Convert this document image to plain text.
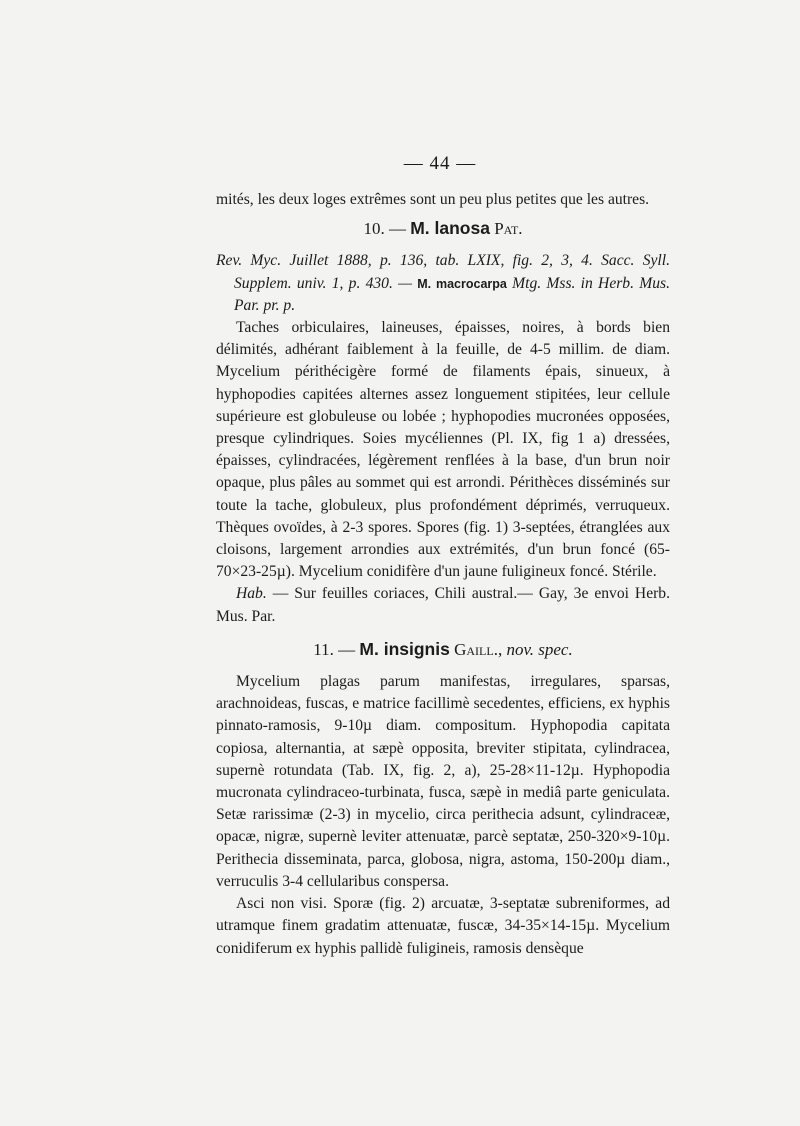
— 44 —

mités, les deux loges extrêmes sont un peu plus petites que les autres.

10. — M. lanosa Pat.

Rev. Myc. Juillet 1888, p. 136, tab. LXIX, fig. 2, 3, 4. Sacc. Syll. Supplem. univ. 1, p. 430. — M. macrocarpa Mtg. Mss. in Herb. Mus. Par. pr. p.

Taches orbiculaires, laineuses, épaisses, noires, à bords bien délimités, adhérant faiblement à la feuille, de 4-5 millim. de diam. Mycelium périthécigère formé de filaments épais, sinueux, à hyphopodies capitées alternes assez longuement stipitées, leur cellule supérieure est globuleuse ou lobée ; hyphopodies mucronées opposées, presque cylindriques. Soies mycéliennes (Pl. IX, fig 1 a) dressées, épaisses, cylindracées, légèrement renflées à la base, d'un brun noir opaque, plus pâles au sommet qui est arrondi. Périthèces disséminés sur toute la tache, globuleux, plus profondément déprimés, verruqueux. Thèques ovoïdes, à 2-3 spores. Spores (fig. 1) 3-septées, étranglées aux cloisons, largement arrondies aux extrémités, d'un brun foncé (65-70×23-25µ). Mycelium conidifère d'un jaune fuligineux foncé. Stérile.

Hab. — Sur feuilles coriaces, Chili austral.— Gay, 3e envoi Herb. Mus. Par.

11. — M. insignis Gaill., nov. spec.

Mycelium plagas parum manifestas, irregulares, sparsas, arachnoideas, fuscas, e matrice facillimè secedentes, efficiens, ex hyphis pinnato-ramosis, 9-10µ diam. compositum. Hyphopodia capitata copiosa, alternantia, at sæpè opposita, breviter stipitata, cylindracea, supernè rotundata (Tab. IX, fig. 2, a), 25-28×11-12µ. Hyphopodia mucronata cylindraceo-turbinata, fusca, sæpè in mediâ parte geniculata. Setæ rarissimæ (2-3) in mycelio, circa perithecia adsunt, cylindraceæ, opacæ, nigræ, supernè leviter attenuatæ, parcè septatæ, 250-320×9-10µ. Perithecia disseminata, parca, globosa, nigra, astoma, 150-200µ diam., verruculis 3-4 cellularibus conspersa.

Asci non visi. Sporæ (fig. 2) arcuatæ, 3-septatæ subreniformes, ad utramque finem gradatim attenuatæ, fuscæ, 34-35×14-15µ. Mycelium conidiferum ex hyphis pallidè fuligineis, ramosis densèque
